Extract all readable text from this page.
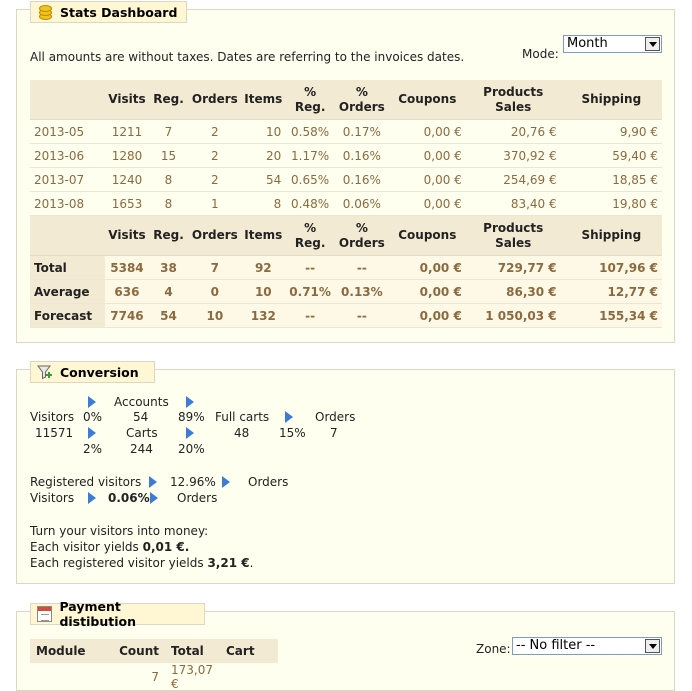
Stats Dashboard
All amounts are without taxes. Dates are referring to the invoices dates.	Mode:
Month
	Visits	Reg.	Orders	Items	% Reg.	% Orders	Coupons	Products Sales	Shipping
2013-05	1211	7	2	10	0.58%	0.17%	0,00 €	20,76 €	9,90 €
2013-06	1280	15	2	20	1.17%	0.16%	0,00 €	370,92 €	59,40 €
2013-07	1240	8	2	54	0.65%	0.16%	0,00 €	254,69 €	18,85 €
2013-08	1653	8	1	8	0.48%	0.06%	0,00 €	83,40 €	19,80 €
	Visits	Reg.	Orders	Items	% Reg.	% Orders	Coupons	Products Sales	Shipping
Total	5384	38	7	92	--	--	0,00 €	729,77 €	107,96 €
Average	636	4	0	10	0.71%	0.13%	0,00 €	86,30 €	12,77 €
Forecast	7746	54	10	132	--	--	0,00 €	1 050,03 €	155,34 €
Conversion
Accounts
Visitors 0%	54 89% Full carts	Orders
11571	Carts	48 15% 7
2% 244 20%
Registered visitors 12.96%	Orders
Visitors	0.06% Orders
Turn your visitors into money:
Each visitor yields 0,01 €.
Each registered visitor yields 3,21 €.
Payment distibution
Module	Count	Total	Cart
	7	173,07 €	
Zone: -- No filter --
